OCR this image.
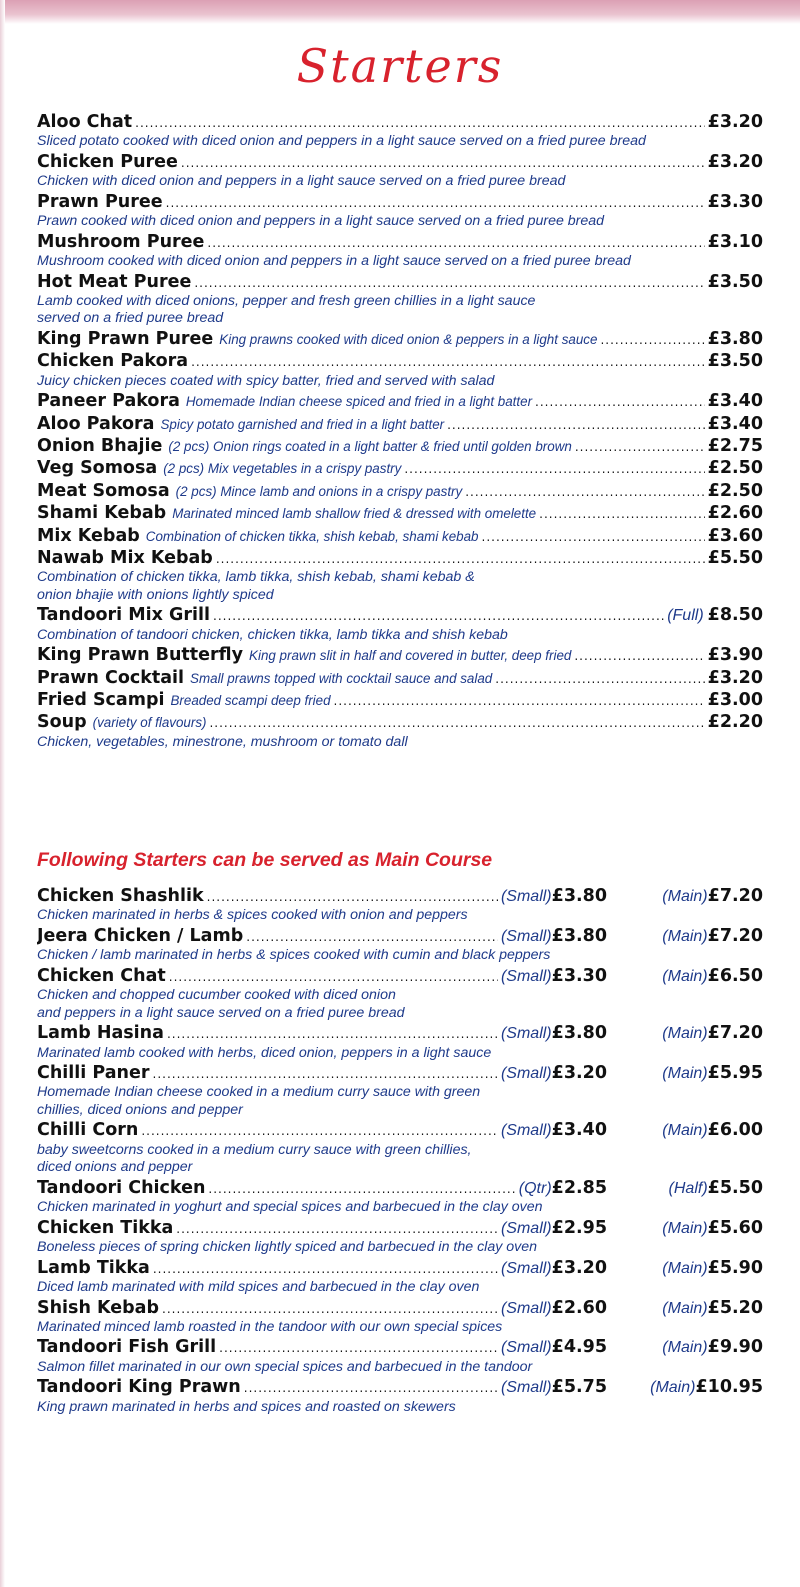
Starters
Aloo Chat .....	£3.20
Sliced potato cooked with diced onion and peppers in a light sauce served on a fried puree bread
Chicken Puree .....	£3.20
Chicken with diced onion and peppers in a light sauce served on a fried puree bread
Prawn Puree .....	£3.30
Prawn cooked with diced onion and peppers in a light sauce served on a fried puree bread
Mushroom Puree .....	£3.10
Mushroom cooked with diced onion and peppers in a light sauce served on a fried puree bread
Hot Meat Puree .....	£3.50
Lamb cooked with diced onions, pepper and fresh green chillies in a light sauce
served on a fried puree bread
King Prawn Puree King prawns cooked with diced onion & peppers in a light sauce .....	£3.80
Chicken Pakora .....	£3.50
Juicy chicken pieces coated with spicy batter, fried and served with salad
Paneer Pakora Homemade Indian cheese spiced and fried in a light batter .....	£3.40
Aloo Pakora Spicy potato garnished and fried in a light batter .....	£3.40
Onion Bhajie (2 pcs) Onion rings coated in a light batter & fried until golden brown .....	£2.75
Veg Somosa (2 pcs) Mix vegetables in a crispy pastry .....	£2.50
Meat Somosa (2 pcs) Mince lamb and onions in a crispy pastry .....	£2.50
Shami Kebab Marinated minced lamb shallow fried & dressed with omelette .....	£2.60
Mix Kebab Combination of chicken tikka, shish kebab, shami kebab .....	£3.60
Nawab Mix Kebab .....	£5.50
Combination of chicken tikka, lamb tikka, shish kebab, shami kebab &
onion bhajie with onions lightly spiced
Tandoori Mix Grill .....	(Full) £8.50
Combination of tandoori chicken, chicken tikka, lamb tikka and shish kebab
King Prawn Butterfly King prawn slit in half and covered in butter, deep fried .....	£3.90
Prawn Cocktail Small prawns topped with cocktail sauce and salad .....	£3.20
Fried Scampi Breaded scampi deep fried .....	£3.00
Soup (variety of flavours) .....	£2.20
Chicken, vegetables, minestrone, mushroom or tomato dall
Following Starters can be served as Main Course
Chicken Shashlik .....	(Small) £3.80	(Main)£7.20
Chicken marinated in herbs & spices cooked with onion and peppers
Jeera Chicken / Lamb .....	(Small) £3.80	(Main)£7.20
Chicken / lamb marinated in herbs & spices cooked with cumin and black peppers
Chicken Chat .....	(Small) £3.30	(Main)£6.50
Chicken and chopped cucumber cooked with diced onion
and peppers in a light sauce served on a fried puree bread
Lamb Hasina .....	(Small) £3.80	(Main)£7.20
Marinated lamb cooked with herbs, diced onion, peppers in a light sauce
Chilli Paner .....	(Small) £3.20	(Main)£5.95
Homemade Indian cheese cooked in a medium curry sauce with green
chillies, diced onions and pepper
Chilli Corn .....	(Small) £3.40	(Main)£6.00
baby sweetcorns cooked in a medium curry sauce with green chillies,
diced onions and pepper
Tandoori Chicken .....	(Qtr) £2.85	(Half)£5.50
Chicken marinated in yoghurt and special spices and barbecued in the clay oven
Chicken Tikka .....	(Small) £2.95	(Main)£5.60
Boneless pieces of spring chicken lightly spiced and barbecued in the clay oven
Lamb Tikka .....	(Small) £3.20	(Main)£5.90
Diced lamb marinated with mild spices and barbecued in the clay oven
Shish Kebab .....	(Small) £2.60	(Main)£5.20
Marinated minced lamb roasted in the tandoor with our own special spices
Tandoori Fish Grill .....	(Small) £4.95	(Main)£9.90
Salmon fillet marinated in our own special spices and barbecued in the tandoor
Tandoori King Prawn .....	(Small) £5.75	(Main)£10.95
King prawn marinated in herbs and spices and roasted on skewers
